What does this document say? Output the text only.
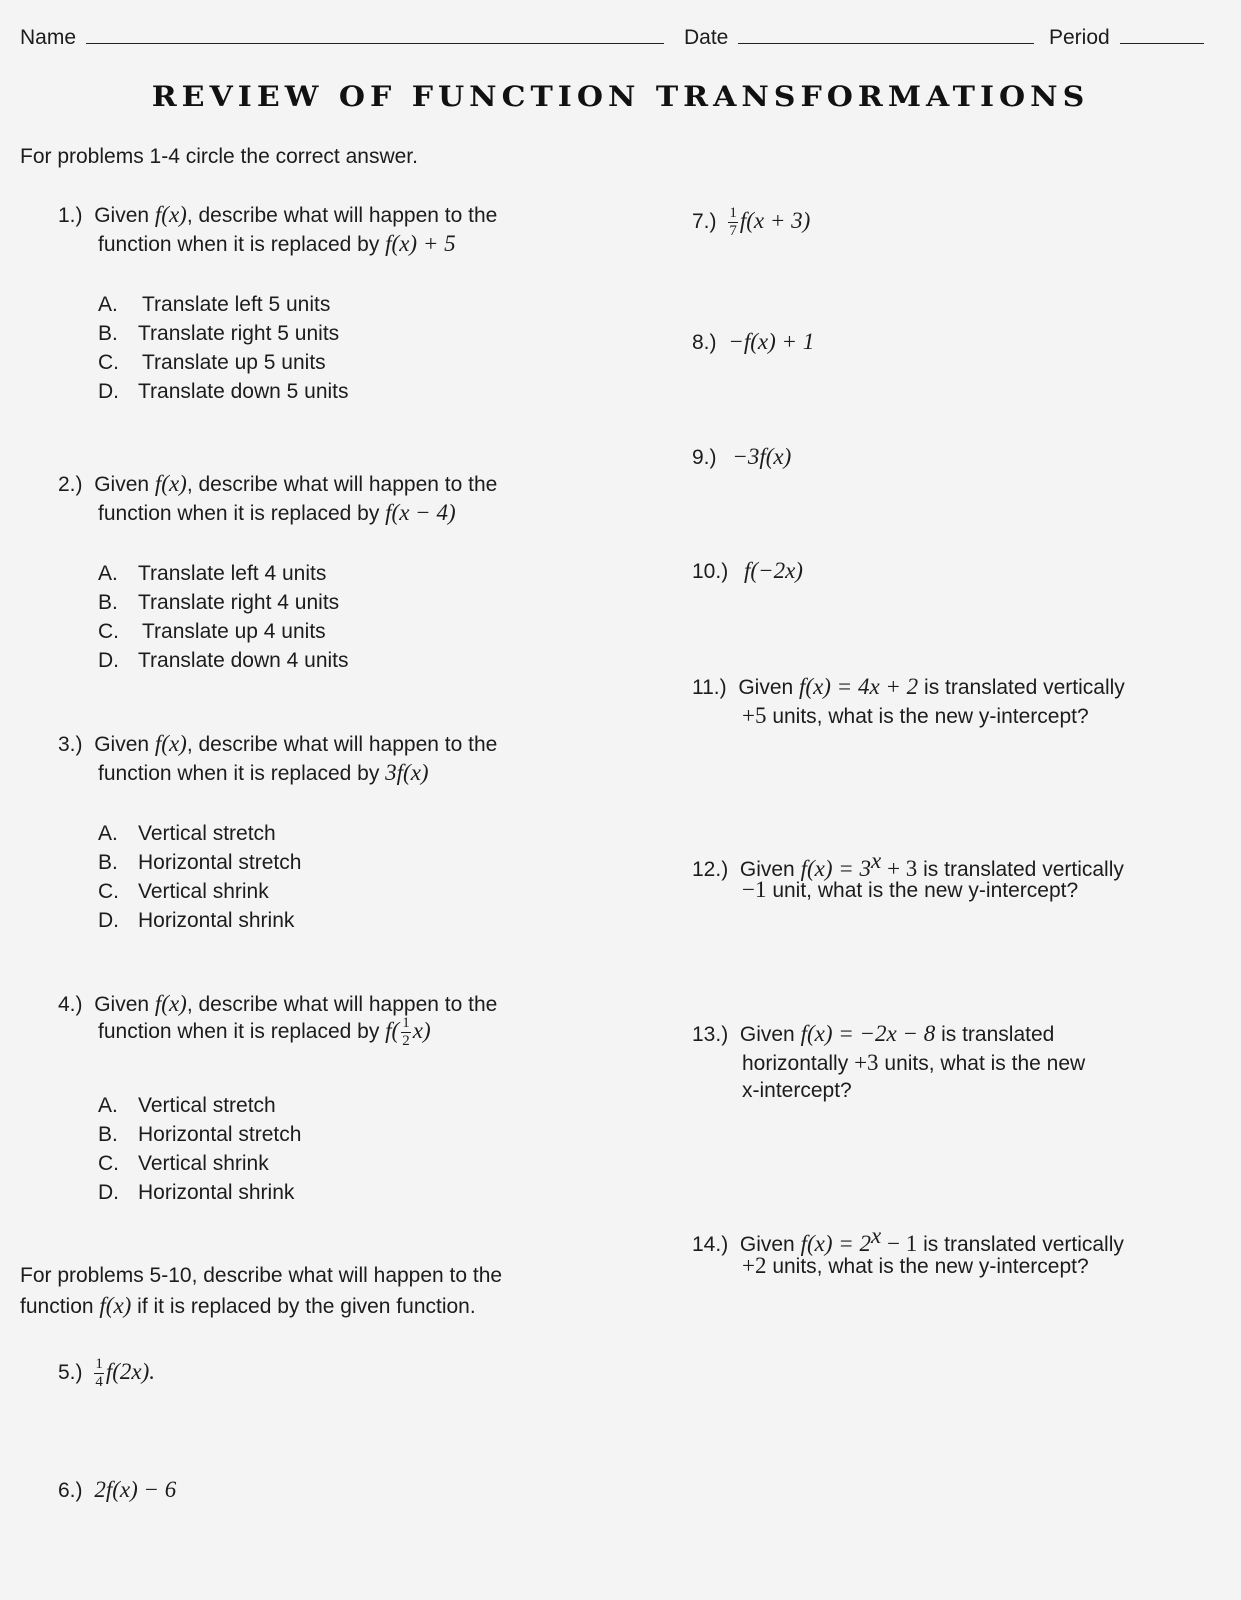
Name	Date	Period
REVIEW OF FUNCTION TRANSFORMATIONS
For problems 1-4 circle the correct answer.
1.) Given f(x), describe what will happen to the
function when it is replaced by f(x) + 5
A. Translate left 5 units
B. Translate right 5 units
C. Translate up 5 units
D. Translate down 5 units
2.) Given f(x), describe what will happen to the
function when it is replaced by f(x − 4)
A. Translate left 4 units
B. Translate right 4 units
C. Translate up 4 units
D. Translate down 4 units
3.) Given f(x), describe what will happen to the
function when it is replaced by 3f(x)
A. Vertical stretch
B. Horizontal stretch
C. Vertical shrink
D. Horizontal shrink
4.) Given f(x), describe what will happen to the
function when it is replaced by $f( \frac{1}{2} x)$
A. Vertical stretch
B. Horizontal stretch
C. Vertical shrink
D. Horizontal shrink
For problems 5-10, describe what will happen to the
function f(x) if it is replaced by the given function.
$5.) \frac{1}{4} f(2x)$.
6.) 2f(x) − 6
$7.) \frac{1}{7} f(x + 3)$
8.) −f(x) + 1
9.) −3f(x)
10.) f(−2x)
11.) Given f(x) = 4x + 2 is translated vertically
+5 units, what is the new y-intercept?
12.) Given $f(x) = 3^x + 3$ is translated vertically
−1 unit, what is the new y-intercept?
13.) Given f(x) = −2x − 8 is translated
horizontally +3 units, what is the new
x-intercept?
14.) Given $f(x) = 2^x - 1$ is translated vertically
+2 units, what is the new y-intercept?
